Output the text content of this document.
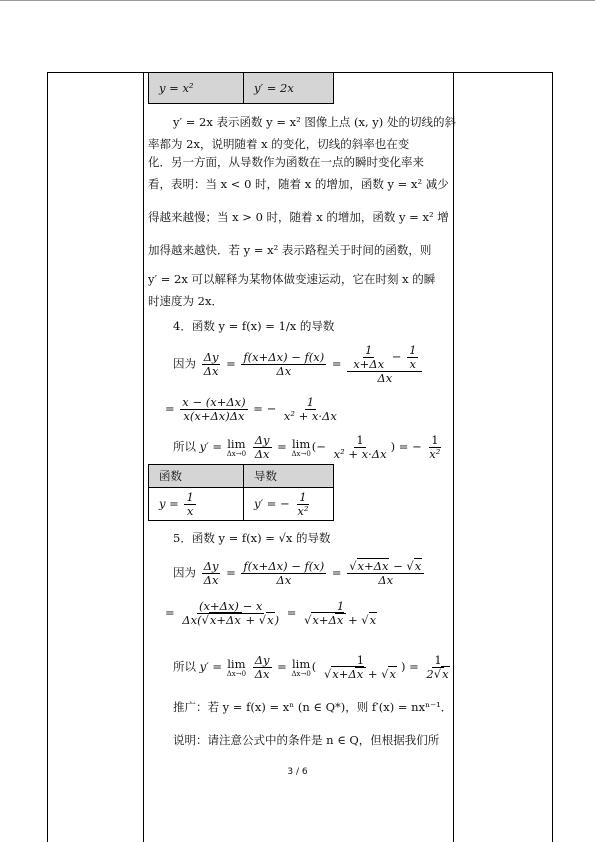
y = x²	y′ = 2x
y′ = 2x 表示函数 y = x² 图像上点 (x, y) 处的切线的斜
率都为 2x，说明随着 x 的变化，切线的斜率也在变
化．另一方面，从导数作为函数在一点的瞬时变化率来
看，表明：当 x < 0 时，随着 x 的增加，函数 y = x² 减少
得越来越慢；当 x > 0 时，随着 x 的增加，函数 y = x² 增
加得越来越快．若 y = x² 表示路程关于时间的函数，则
y′ = 2x 可以解释为某物体做变速运动，它在时刻 x 的瞬
时速度为 2x．
4．函数 y = f(x) = 1/x 的导数
因为 $\frac{\Delta y}{\Delta x} = \frac{f(x+\Delta x) - f(x)}{\Delta x} = \frac{\frac{1}{x+\Delta x} - \frac{1}{x}}{\Delta x}$
= $\frac{x - (x+\Delta x)}{x(x+\Delta x)\Delta x}$ = − $\frac{1}{\text{x² + x·Δx}}$
所以 y′ = lim
Δx→0
$\frac{\Delta y}{\Delta x} = \lim$
Δx→0 (− $\frac{1}{\text{x² + x·Δx}}$ ) = − $\frac{1}{\text{x²}}$
函数	导数
$y = \frac{1}{x}$	y′ = − $\frac{1}{\text{x²}}$
5．函数 y = f(x) = √x 的导数
因为 $\frac{\Delta y}{\Delta x} = \frac{f(x+\Delta x) - f(x)}{\Delta x} = \frac{√x+\Delta x - √x}{\Delta x}$
= $\frac{(x+\Delta x) - x}{\Delta x(√x+\Delta x + √x)} = \frac{1}{√x+\Delta x + √x}$
所以 y′ = lim
Δx→0
$\frac{\Delta y}{\Delta x} = \lim$
Δx→0 ( $\frac{1}{√x+\Delta x + √x}$ ) = $\frac{1}{2√x}$
推广：若 y = f(x) = xⁿ (n ∈ Q*)，则 f′(x) = nxⁿ⁻¹．
说明：请注意公式中的条件是 n ∈ Q，但根据我们所
3 / 6
